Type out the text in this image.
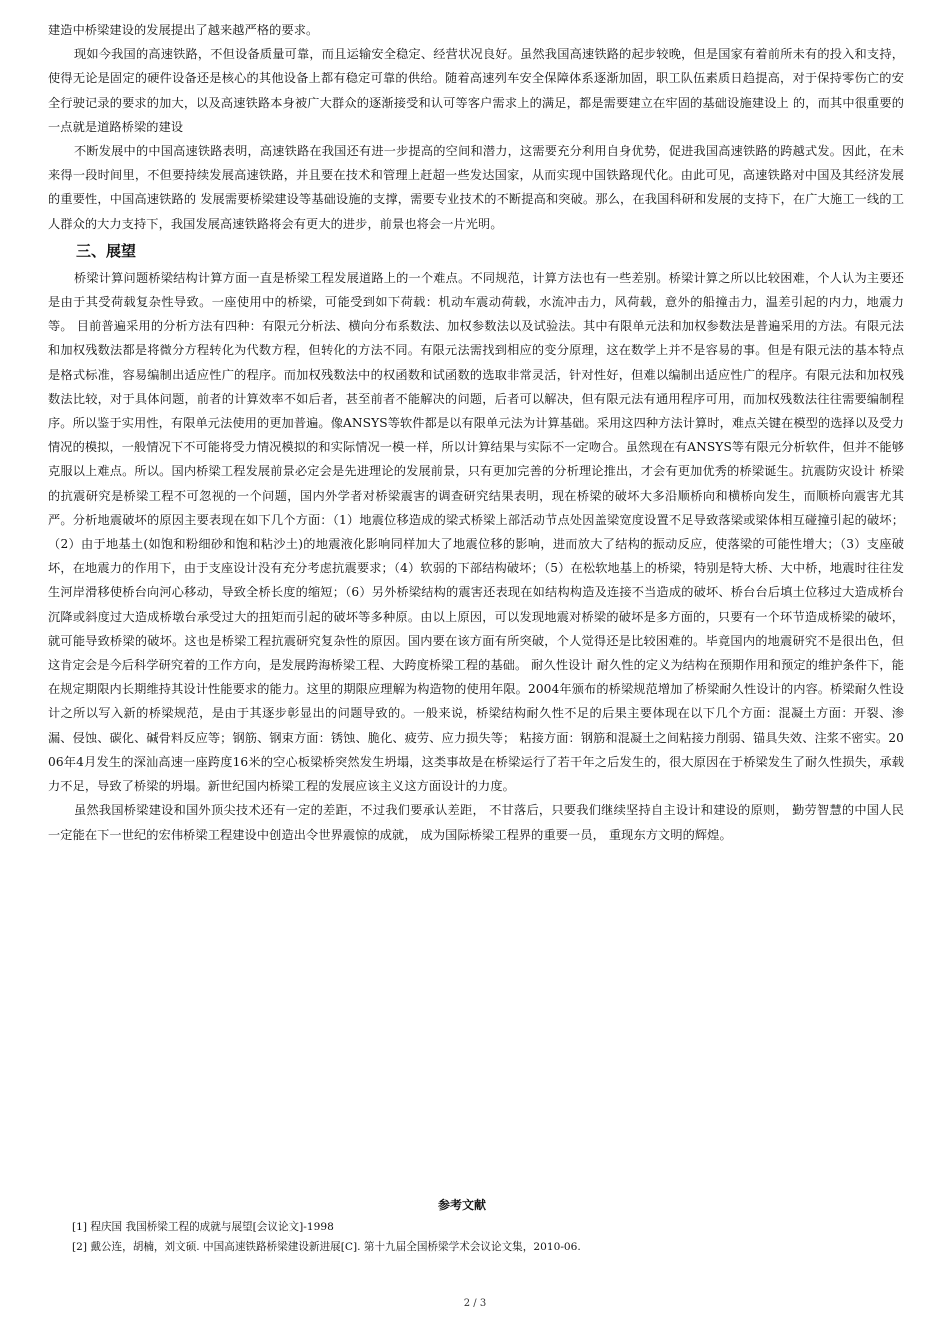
建造中桥梁建设的发展提出了越来越严格的要求。

现如今我国的高速铁路，不但设备质量可靠，而且运输安全稳定、经营状况良好。虽然我国高速铁路的起步较晚，但是国家有着前所未有的投入和支持，使得无论是固定的硬件设备还是核心的其他设备上都有稳定可靠的供给。随着高速列车安全保障体系逐渐加固，职工队伍素质日趋提高，对于保持零伤亡的安全行驶记录的要求的加大，以及高速铁路本身被广大群众的逐渐接受和认可等客户需求上的满足，都是需要建立在牢固的基础设施建设上 的，而其中很重要的一点就是道路桥梁的建设

不断发展中的中国高速铁路表明，高速铁路在我国还有进一步提高的空间和潜力，这需要充分利用自身优势，促进我国高速铁路的跨越式发。因此，在未来得一段时间里，不但要持续发展高速铁路，并且要在技术和管理上赶超一些发达国家，从而实现中国铁路现代化。由此可见，高速铁路对中国及其经济发展的重要性，中国高速铁路的 发展需要桥梁建设等基础设施的支撑，需要专业技术的不断提高和突破。那么，在我国科研和发展的支持下，在广大施工一线的工人群众的大力支持下，我国发展高速铁路将会有更大的进步，前景也将会一片光明。

三、展望

桥梁计算问题桥梁结构计算方面一直是桥梁工程发展道路上的一个难点。不同规范，计算方法也有一些差别。桥梁计算之所以比较困难，个人认为主要还是由于其受荷载复杂性导致。一座使用中的桥梁，可能受到如下荷载：机动车震动荷载，水流冲击力，风荷载，意外的船撞击力，温差引起的内力，地震力等。 目前普遍采用的分析方法有四种：有限元分析法、横向分布系数法、加权参数法以及试验法。其中有限单元法和加权参数法是普遍采用的方法。有限元法和加权残数法都是将微分方程转化为代数方程，但转化的方法不同。有限元法需找到相应的变分原理，这在数学上并不是容易的事。但是有限元法的基本特点是格式标准，容易编制出适应性广的程序。而加权残数法中的权函数和试函数的选取非常灵活，针对性好，但难以编制出适应性广的程序。有限元法和加权残数法比较，对于具体问题，前者的计算效率不如后者，甚至前者不能解决的问题，后者可以解决，但有限元法有通用程序可用，而加权残数法往往需要编制程序。所以鉴于实用性，有限单元法使用的更加普遍。像ANSYS等软件都是以有限单元法为计算基础。采用这四种方法计算时，难点关键在模型的选择以及受力情况的模拟，一般情况下不可能将受力情况模拟的和实际情况一模一样，所以计算结果与实际不一定吻合。虽然现在有ANSYS等有限元分析软件，但并不能够克服以上难点。所以。国内桥梁工程发展前景必定会是先进理论的发展前景，只有更加完善的分析理论推出，才会有更加优秀的桥梁诞生。抗震防灾设计 桥梁的抗震研究是桥梁工程不可忽视的一个问题，国内外学者对桥梁震害的调查研究结果表明，现在桥梁的破坏大多沿顺桥向和横桥向发生，而顺桥向震害尤其严。分析地震破坏的原因主要表现在如下几个方面：（1）地震位移造成的梁式桥梁上部活动节点处因盖梁宽度设置不足导致落梁或梁体相互碰撞引起的破坏；（2）由于地基土(如饱和粉细砂和饱和粘沙土)的地震液化影响同样加大了地震位移的影响，进而放大了结构的振动反应，使落梁的可能性增大；（3）支座破坏，在地震力的作用下，由于支座设计没有充分考虑抗震要求；（4）软弱的下部结构破坏；（5）在松软地基上的桥梁，特别是特大桥、大中桥，地震时往往发生河岸滑移使桥台向河心移动，导致全桥长度的缩短；（6）另外桥梁结构的震害还表现在如结构构造及连接不当造成的破坏、桥台台后填土位移过大造成桥台沉降或斜度过大造成桥墩台承受过大的扭矩而引起的破坏等多种原。由以上原因，可以发现地震对桥梁的破坏是多方面的，只要有一个环节造成桥梁的破坏，就可能导致桥梁的破坏。这也是桥梁工程抗震研究复杂性的原因。国内要在该方面有所突破，个人觉得还是比较困难的。毕竟国内的地震研究不是很出色，但这肯定会是今后科学研究着的工作方向，是发展跨海桥梁工程、大跨度桥梁工程的基础。 耐久性设计 耐久性的定义为结构在预期作用和预定的维护条件下，能在规定期限内长期维持其设计性能要求的能力。这里的期限应理解为构造物的使用年限。2004年颁布的桥梁规范增加了桥梁耐久性设计的内容。桥梁耐久性设计之所以写入新的桥梁规范，是由于其逐步彰显出的问题导致的。一般来说，桥梁结构耐久性不足的后果主要体现在以下几个方面：混凝土方面：开裂、渗漏、侵蚀、碳化、碱骨料反应等；钢筋、钢束方面：锈蚀、脆化、疲劳、应力损失等； 粘接方面：钢筋和混凝土之间粘接力削弱、锚具失效、注浆不密实。2006年4月发生的深汕高速一座跨度16米的空心板梁桥突然发生坍塌，这类事故是在桥梁运行了若干年之后发生的，很大原因在于桥梁发生了耐久性损失，承载力不足，导致了桥梁的坍塌。新世纪国内桥梁工程的发展应该主义这方面设计的力度。

虽然我国桥梁建设和国外顶尖技术还有一定的差距，不过我们要承认差距， 不甘落后，只要我们继续坚持自主设计和建设的原则， 勤劳智慧的中国人民一定能在下一世纪的宏伟桥梁工程建设中创造出令世界震惊的成就， 成为国际桥梁工程界的重要一员， 重现东方文明的辉煌。

参考文献

[1] 程庆国 我国桥梁工程的成就与展望[会议论文]-1998

[2] 戴公连，胡楠，刘文硕. 中国高速铁路桥梁建设新进展[C]. 第十九届全国桥梁学术会议论文集，2010-06.

2 / 3
